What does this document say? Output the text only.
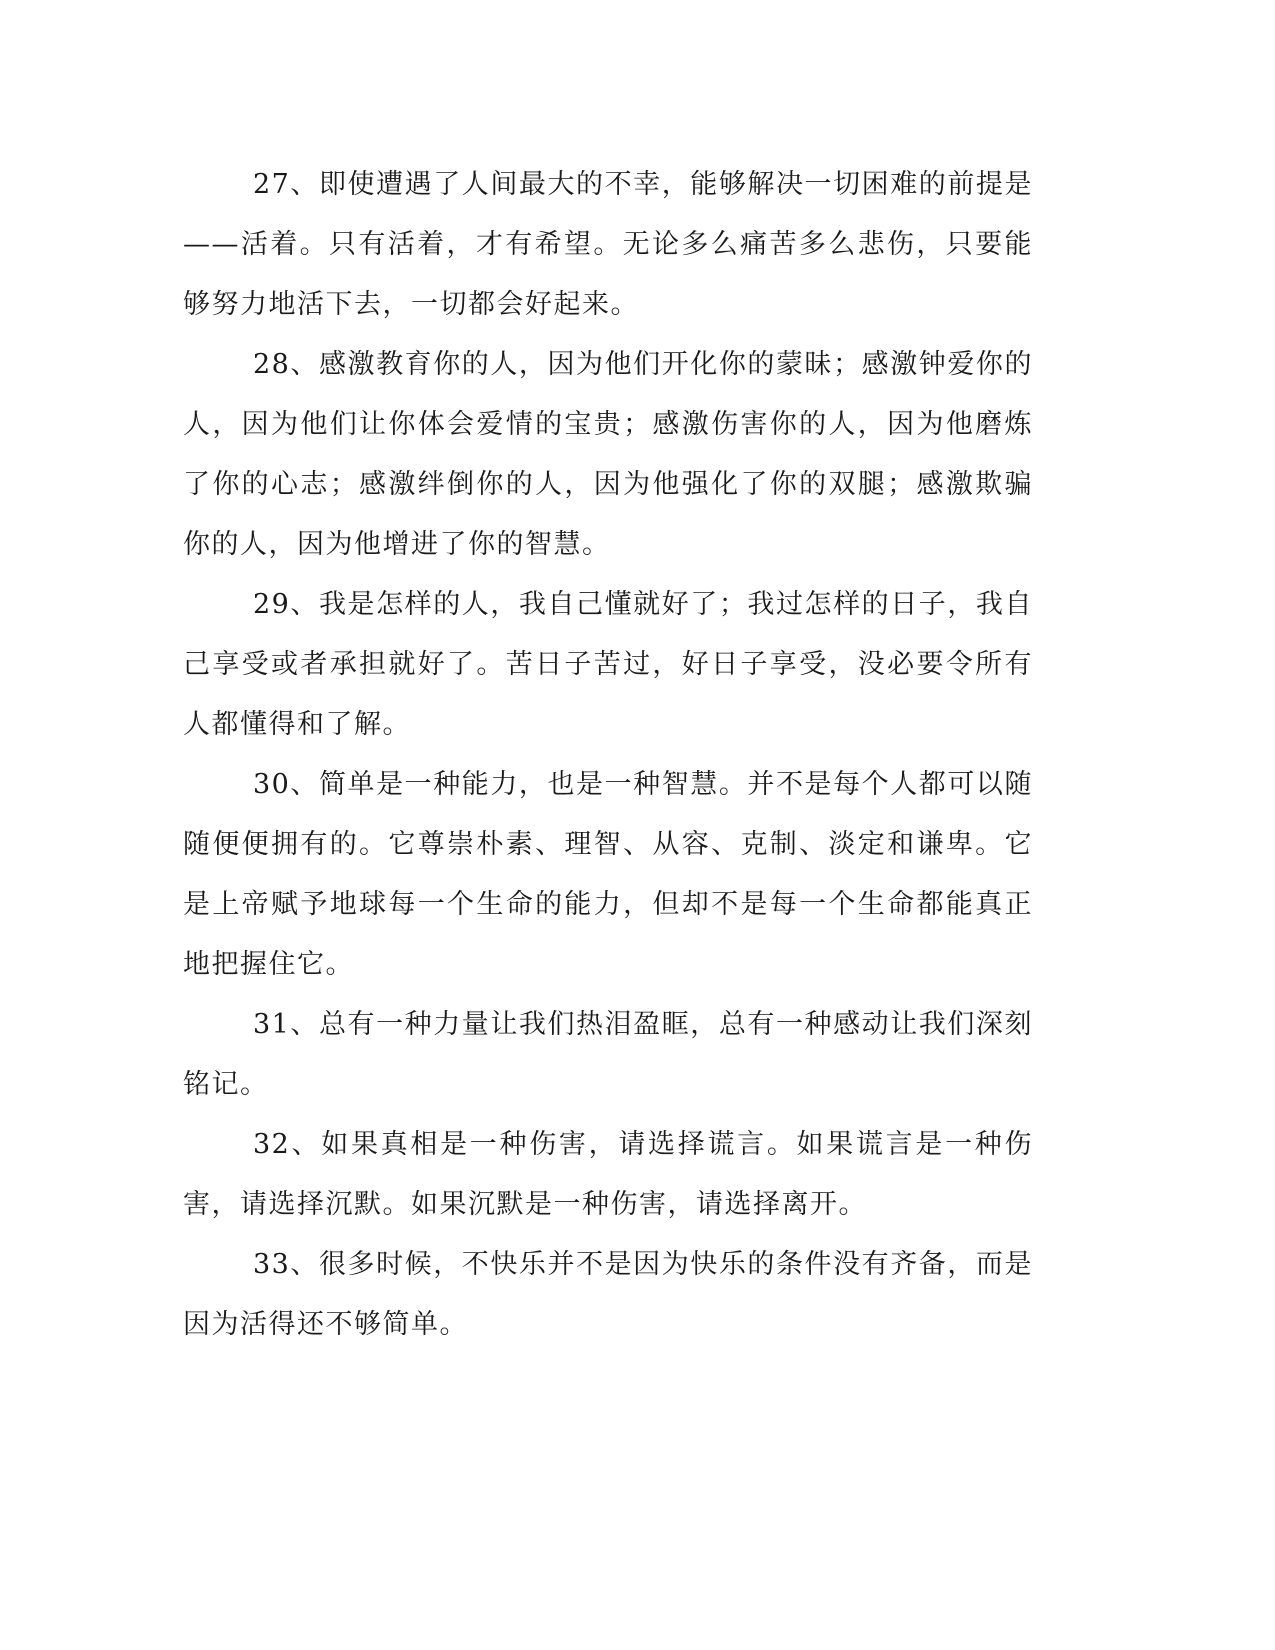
27、即使遭遇了人间最大的不幸，能够解决一切困难的前提是——活着。只有活着，才有希望。无论多么痛苦多么悲伤，只要能够努力地活下去，一切都会好起来。

28、感激教育你的人，因为他们开化你的蒙昧；感激钟爱你的人，因为他们让你体会爱情的宝贵；感激伤害你的人，因为他磨炼了你的心志；感激绊倒你的人，因为他强化了你的双腿；感激欺骗你的人，因为他增进了你的智慧。

29、我是怎样的人，我自己懂就好了；我过怎样的日子，我自己享受或者承担就好了。苦日子苦过，好日子享受，没必要令所有人都懂得和了解。

30、简单是一种能力，也是一种智慧。并不是每个人都可以随随便便拥有的。它尊崇朴素、理智、从容、克制、淡定和谦卑。它是上帝赋予地球每一个生命的能力，但却不是每一个生命都能真正地把握住它。

31、总有一种力量让我们热泪盈眶，总有一种感动让我们深刻铭记。

32、如果真相是一种伤害，请选择谎言。如果谎言是一种伤害，请选择沉默。如果沉默是一种伤害，请选择离开。

33、很多时候，不快乐并不是因为快乐的条件没有齐备，而是因为活得还不够简单。
